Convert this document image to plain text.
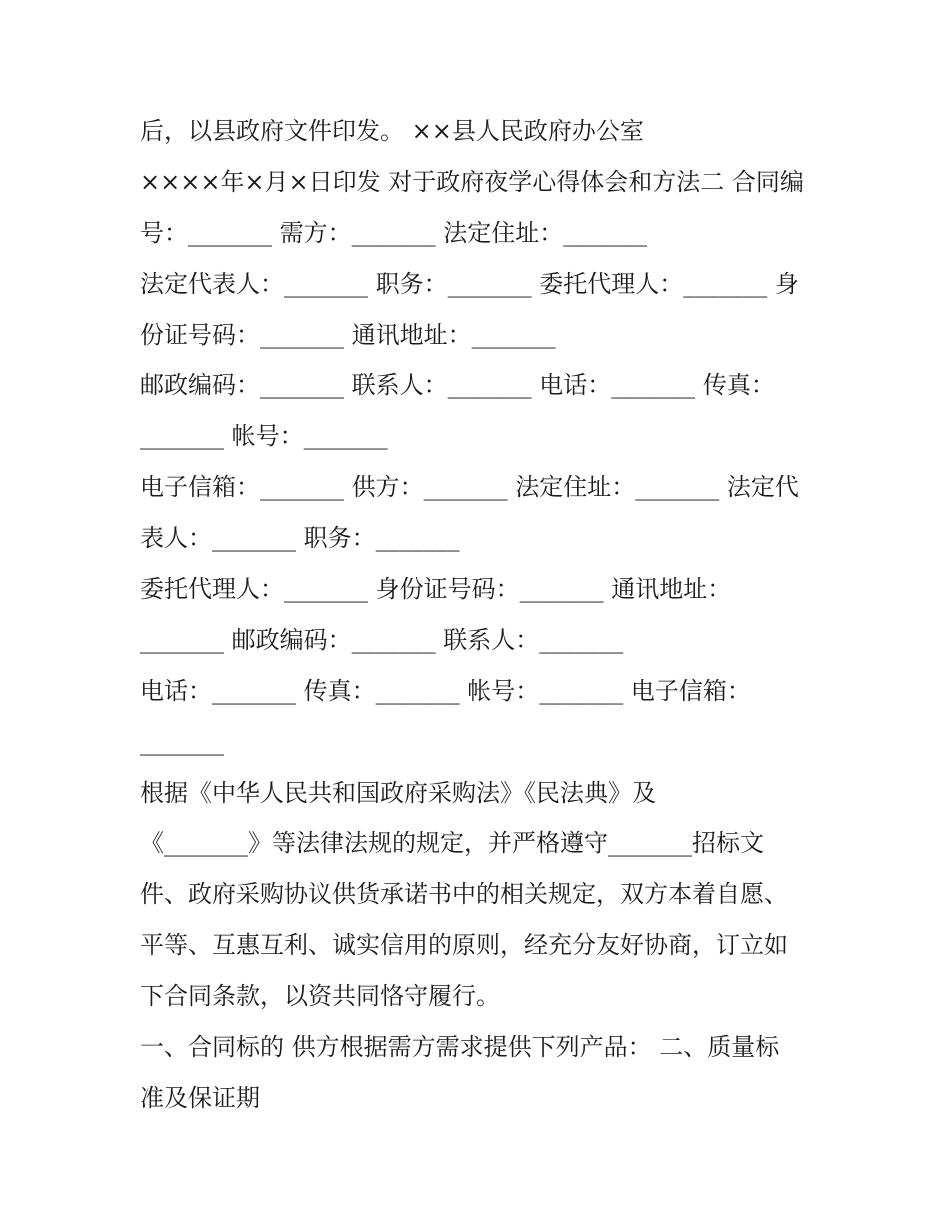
后，以县政府文件印发。 ××县人民政府办公室
××××年×月×日印发 对于政府夜学心得体会和方法二 合同编
号：_______ 需方：_______ 法定住址：_______
法定代表人：_______ 职务：_______ 委托代理人：_______ 身
份证号码：_______ 通讯地址：_______
邮政编码：_______ 联系人：_______ 电话：_______ 传真：
_______ 帐号：_______
电子信箱：_______ 供方：_______ 法定住址：_______ 法定代
表人：_______ 职务：_______
委托代理人：_______ 身份证号码：_______ 通讯地址：
_______ 邮政编码：_______ 联系人：_______
电话：_______ 传真：_______ 帐号：_______ 电子信箱：
_______
根据《中华人民共和国政府采购法》《民法典》及
《_______》等法律法规的规定，并严格遵守_______招标文
件、政府采购协议供货承诺书中的相关规定，双方本着自愿、
平等、互惠互利、诚实信用的原则，经充分友好协商，订立如
下合同条款，以资共同恪守履行。
一、合同标的 供方根据需方需求提供下列产品： 二、质量标
准及保证期
